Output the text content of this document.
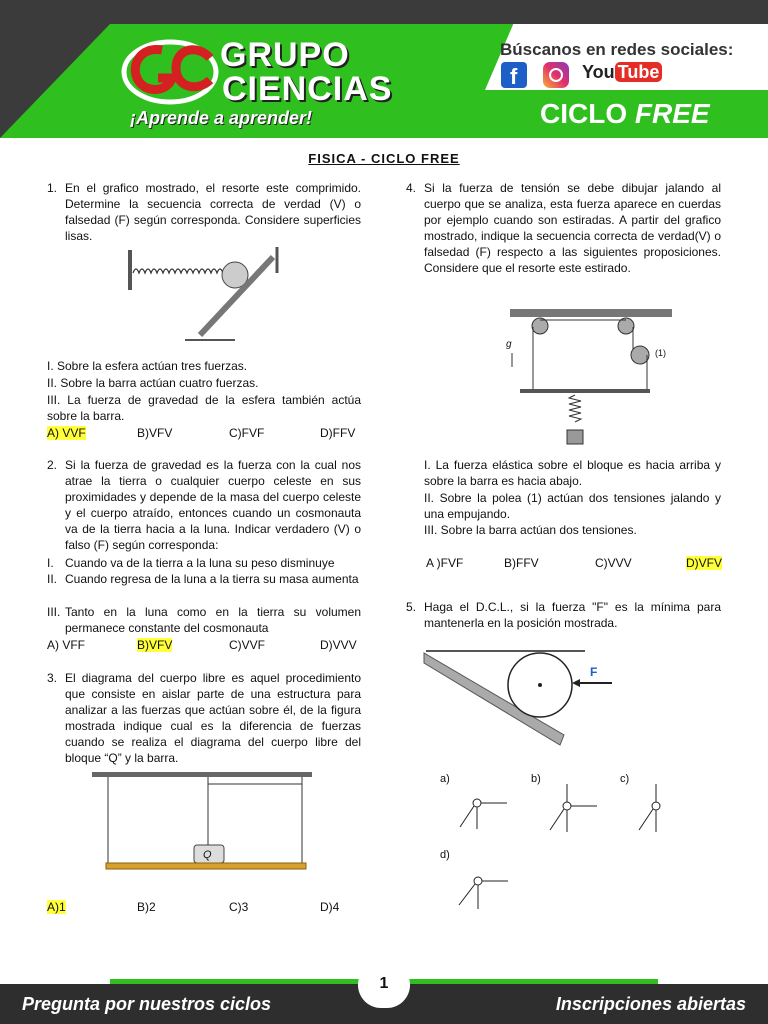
GRUPO
CIENCIAS
¡Aprende a aprender!
Búscanos en redes sociales:
f	You Tube
CICLO FREE
FISICA - CICLO FREE
1. En el grafico mostrado, el resorte este comprimido. Determine la secuencia correcta de verdad (V) o falsedad (F) según corresponda. Considere superficies lisas.
I. Sobre la esfera actúan tres fuerzas.
II. Sobre la barra actúan cuatro fuerzas.
III. La fuerza de gravedad de la esfera también actúa sobre la barra.
A) VVF	B)VFV	C)FVF	D)FFV
2. Si la fuerza de gravedad es la fuerza con la cual nos atrae la tierra o cualquier cuerpo celeste en sus proximidades y depende de la masa del cuerpo celeste y el cuerpo atraído, entonces cuando un cosmonauta va de la tierra hacia a la luna. Indicar verdadero (V) o falso (F) según corresponda:
I. Cuando va de la tierra a la luna su peso disminuye
II. Cuando regresa de la luna a la tierra su masa aumenta
III. Tanto en la luna como en la tierra su volumen permanece constante del cosmonauta
A) VFF	B)VFV	C)VVF	D)VVV
3. El diagrama del cuerpo libre es aquel procedimiento que consiste en aislar parte de una estructura para analizar a las fuerzas que actúan sobre él, de la figura mostrada indique cual es la diferencia de fuerzas cuando se realiza el diagrama del cuerpo libre del bloque “Q” y la barra.
Q
A)1	B)2	C)3	D)4
4. Si la fuerza de tensión se debe dibujar jalando al cuerpo que se analiza, esta fuerza aparece en cuerdas por ejemplo cuando son estiradas. A partir del grafico mostrado, indique la secuencia correcta de verdad(V) o falsedad (F) respecto a las siguientes proposiciones. Considere que el resorte este estirado.
g
(1)
I. La fuerza elástica sobre el bloque es hacia arriba y sobre la barra es hacia abajo.
II. Sobre la polea (1) actúan dos tensiones jalando y una empujando.
III. Sobre la barra actúan dos tensiones.
A )FVF	B)FFV	C)VVV	D)VFV
5. Haga el D.C.L., si la fuerza "F" es la mínima para mantenerla en la posición mostrada.
F
a)	b)	c)
d)
Pregunta por nuestros ciclos	Inscripciones abiertas
1
